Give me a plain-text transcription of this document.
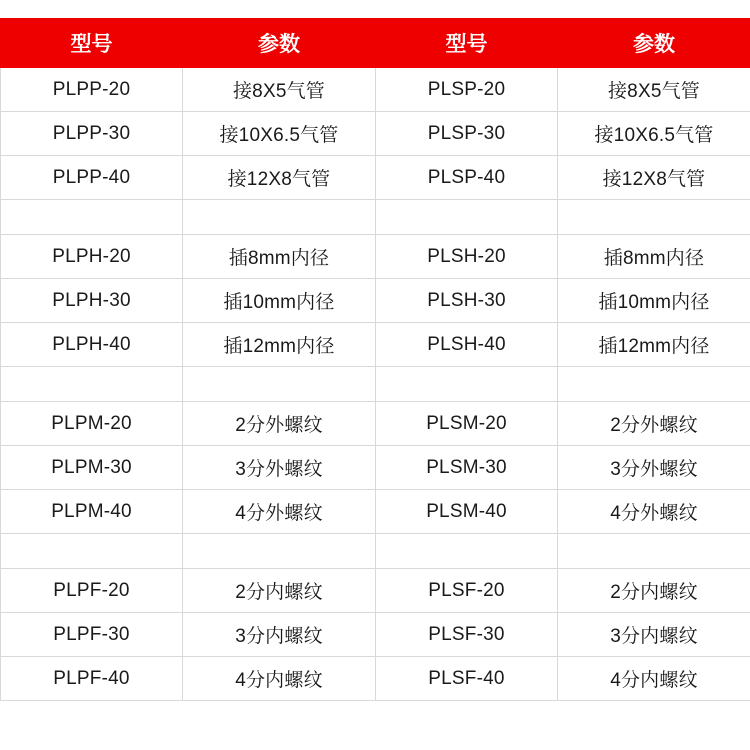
型号	参数	型号	参数
PLPP-20	接8X5气管	PLSP-20	接8X5气管
PLPP-30	接10X6.5气管	PLSP-30	接10X6.5气管
PLPP-40	接12X8气管	PLSP-40	接12X8气管

PLPH-20	插8mm内径	PLSH-20	插8mm内径
PLPH-30	插10mm内径	PLSH-30	插10mm内径
PLPH-40	插12mm内径	PLSH-40	插12mm内径

PLPM-20	2分外螺纹	PLSM-20	2分外螺纹
PLPM-30	3分外螺纹	PLSM-30	3分外螺纹
PLPM-40	4分外螺纹	PLSM-40	4分外螺纹

PLPF-20	2分内螺纹	PLSF-20	2分内螺纹
PLPF-30	3分内螺纹	PLSF-30	3分内螺纹
PLPF-40	4分内螺纹	PLSF-40	4分内螺纹
